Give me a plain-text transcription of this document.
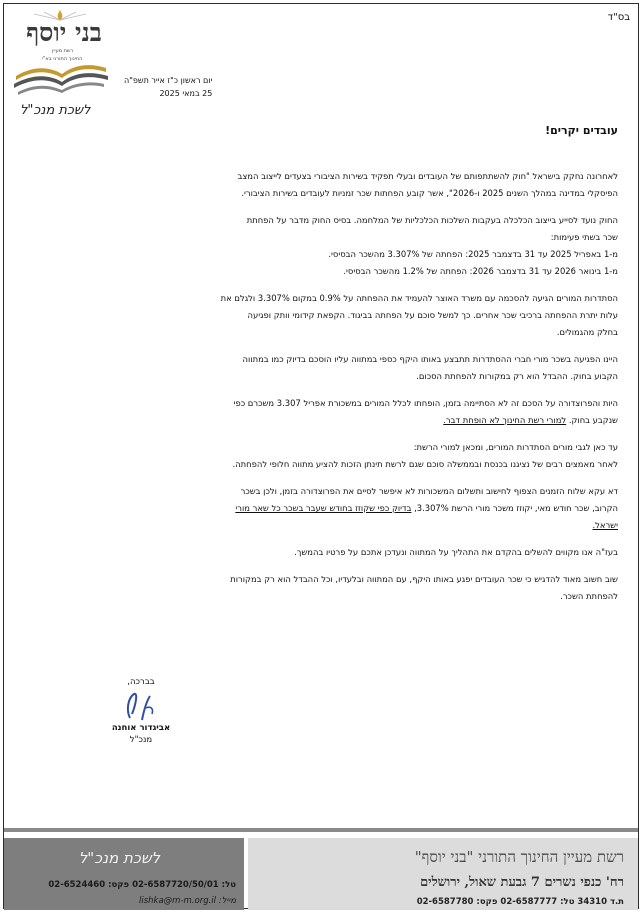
בס"ד
בני יוסף
רשת מעיין
החינוך התורני בא"י
יום ראשון כ"ז אייר תשפ"ה
25 במאי 2025
לשכת מנכ"ל
עובדים יקרים!
לאחרונה נחקק בישראל "חוק להשתתפותם של העובדים ובעלי תפקיד בשירות הציבורי בצעדים לייצוב המצב
הפיסקלי במדינה במהלך השנים 2025 ו-2026", אשר קובע הפחתות שכר זמניות לעובדים בשירות הציבורי.
החוק נועד לסייע בייצוב הכלכלה בעקבות השלכות הכלכליות של המלחמה. בסיס החוק מדבר על הפחתת
שכר בשתי פעימות:
מ-1 באפריל 2025 עד 31 בדצמבר 2025: הפחתה של 3.307% מהשכר הבסיסי.
מ-1 בינואר 2026 עד 31 בדצמבר 2026: הפחתה של 1.2% מהשכר הבסיסי.
הסתדרות המורים הגיעה להסכמה עם משרד האוצר להעמיד את ההפחתה על 0.9% במקום 3.307% ולגלם את
עלות יתרת ההפחתה ברכיבי שכר אחרים. כך למשל סוכם על הפחתה בביגוד. הקפאת קידומי וותק ופגיעה
בחלק מהגמולים.
היינו הפגיעה בשכר מורי חברי ההסתדרות תתבצע באותו היקף כספי במתווה עליו הוסכם בדיוק כמו במתווה
הקבוע בחוק. ההבדל הוא רק במקורות להפחתת הסכום.
היות והפרוצדורה על הסכם זה לא הסתיימה בזמן, הופחתו לכלל המורים במשכורת אפריל 3.307 משכרם כפי
שנקבע בחוק. למורי רשת החינוך לא הופחת דבר.
עד כאן לגבי מורים הסתדרות המורים, ומכאן למורי הרשת:
לאחר מאמצים רבים של נציגנו בכנסת ובממשלה סוכם שגם לרשת תינתן הזכות להציע מתווה חלופי להפחתה.
דא עקא שלוח הזמנים הצפוף לחישוב ותשלום המשכורות לא איפשר לסיים את הפרוצדורה בזמן, ולכן בשכר
הקרוב, שכר חודש מאי, יקוזז משכר מורי הרשת 3.307%, בדיוק כפי שקוזז בחודש שעבר בשכר כל שאר מורי
ישראל.
בעז"ה אנו מקווים להשלים בהקדם את התהליך על המתווה ונעדכן אתכם על פרטיו בהמשך.
שוב חשוב מאוד להדגיש כי שכר העובדים יפגע באותו היקף, עם המתווה ובלעדיו, וכל ההבדל הוא רק במקורות
להפחתת השכר.
בברכה,
אביגדור אוחנה
מנכ"ל
לשכת מנכ"ל
טל: 02-6587720/50/01 פקס: 02-6524460
מייל: lishka@m-m.org.il
רשת מעיין החינוך התורני "בני יוסף"
רח' כנפי נשרים 7 גבעת שאול, ירושלים
ת.ד 34310 טל: 02-6587777 פקס: 02-6587780
